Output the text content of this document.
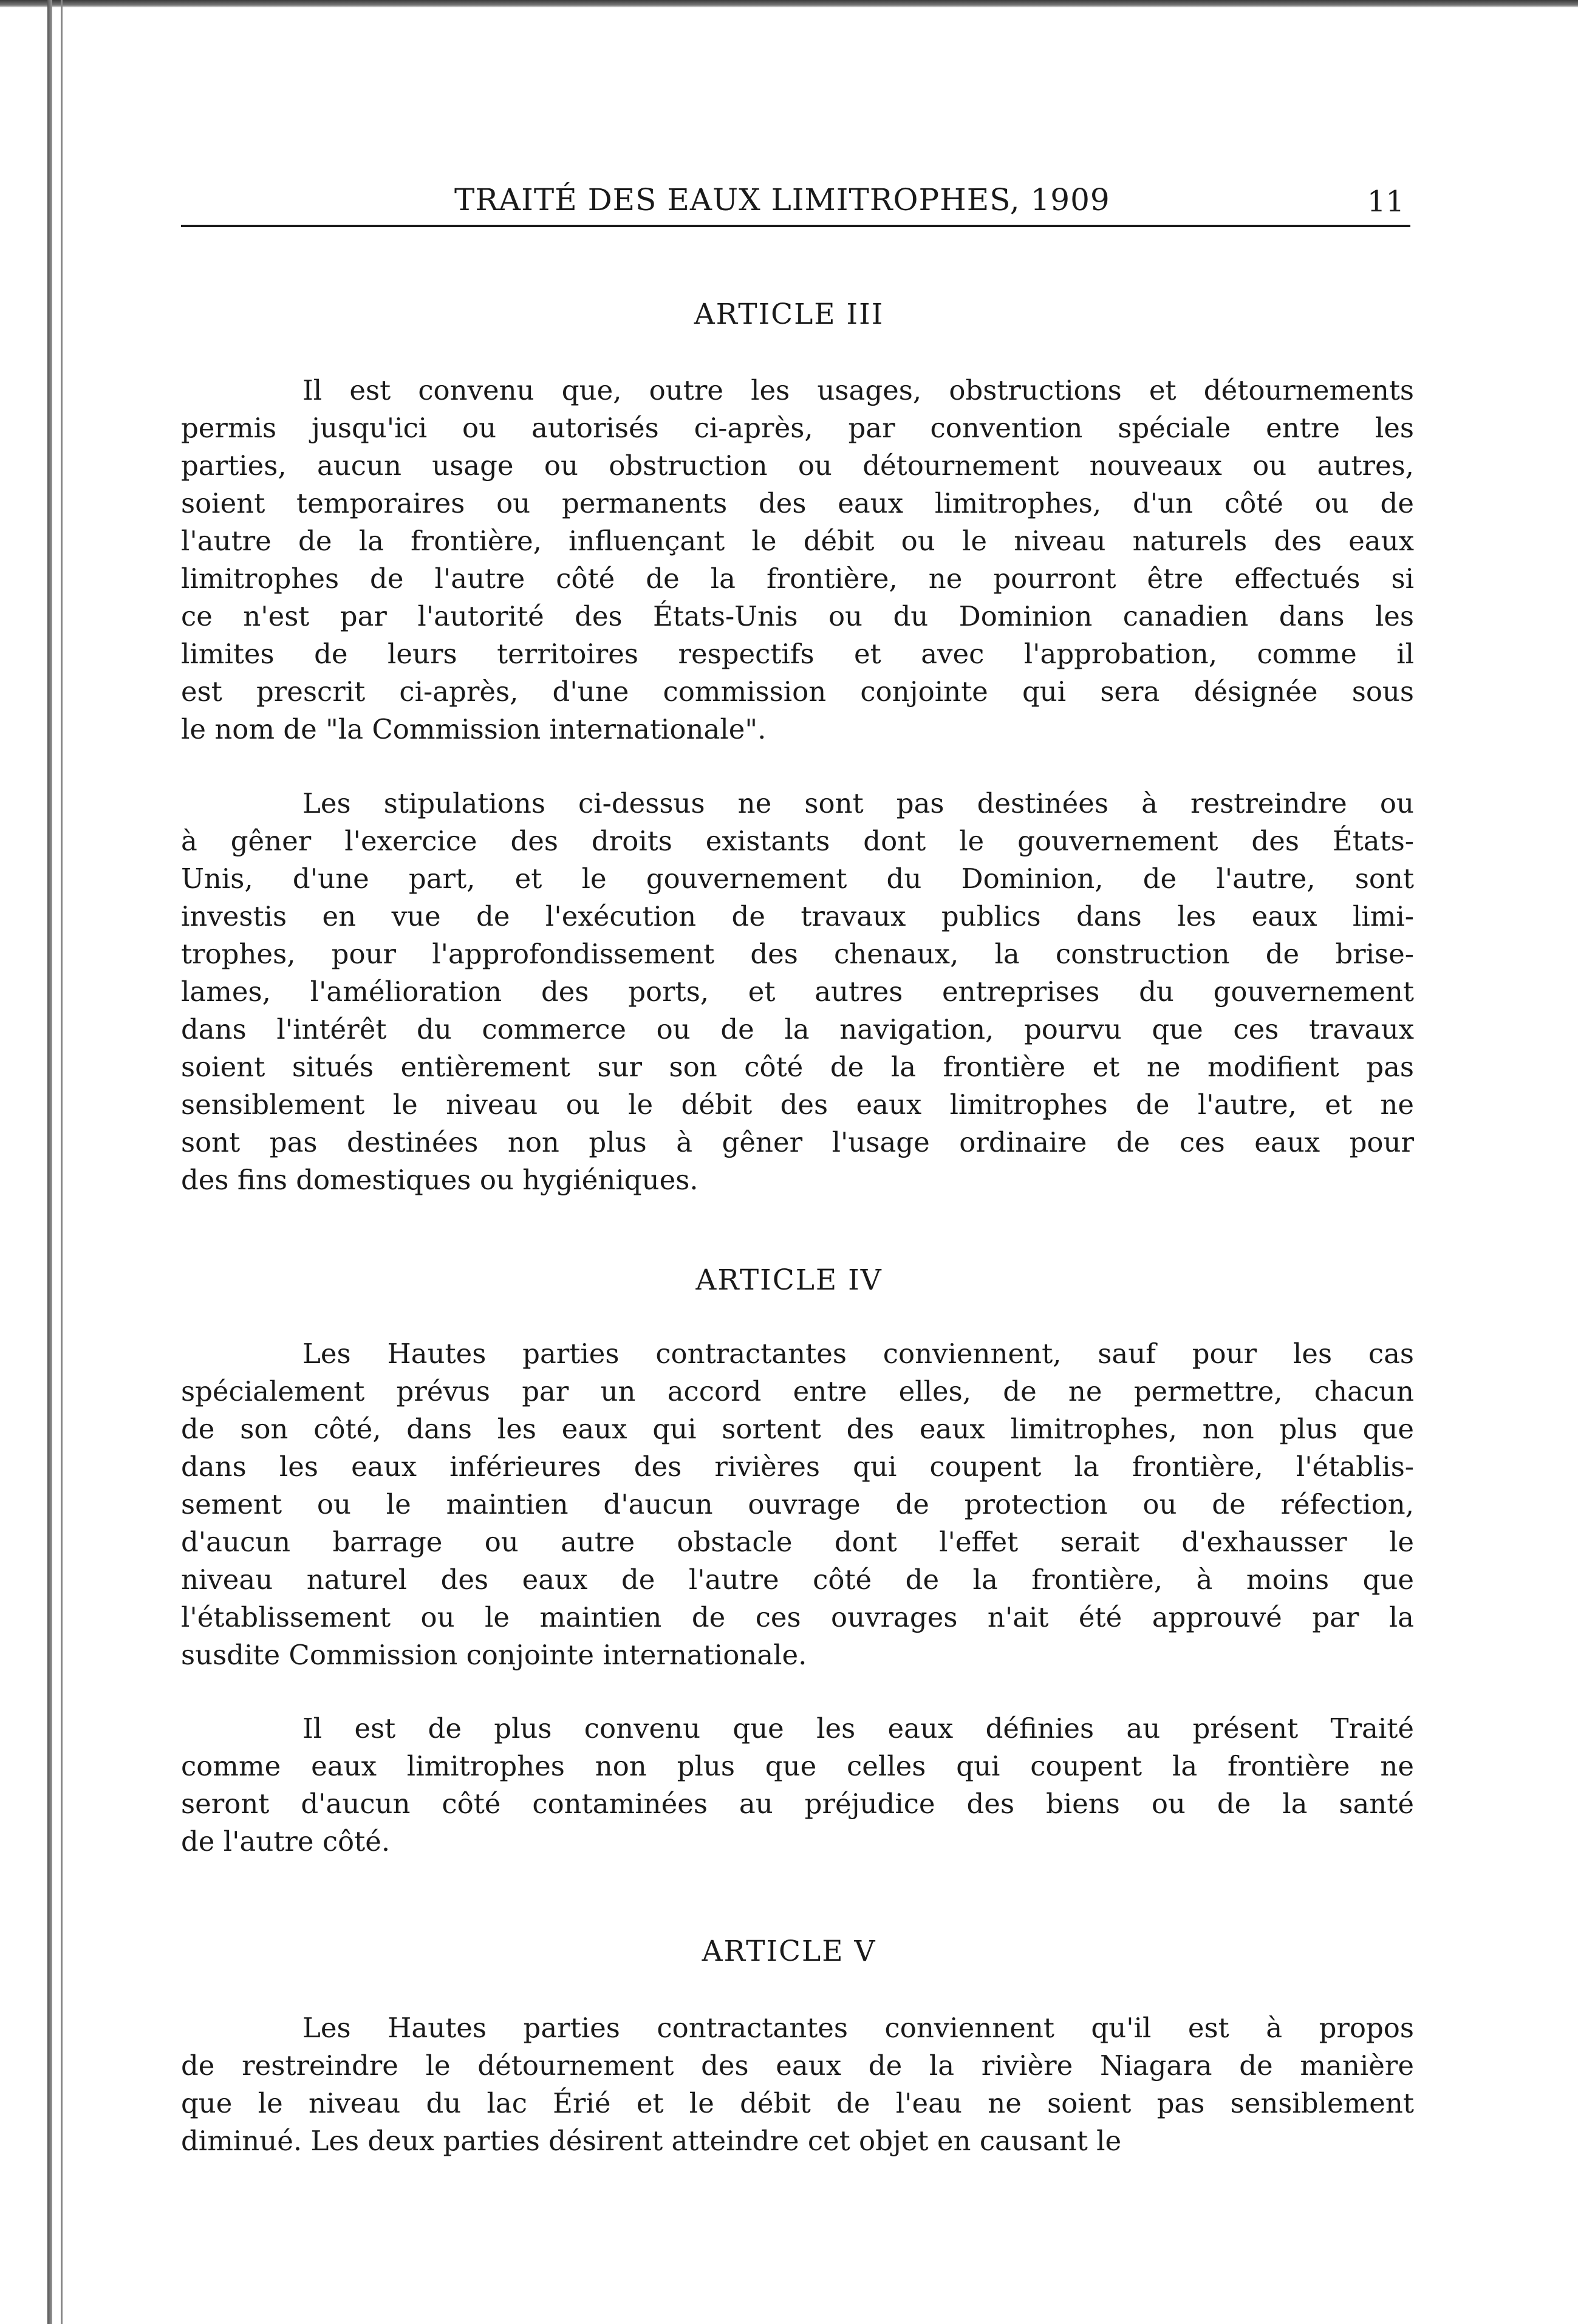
TRAITÉ DES EAUX LIMITROPHES, 1909	11
ARTICLE III
Il est convenu que, outre les usages, obstructions et détournements
permis jusqu'ici ou autorisés ci-après, par convention spéciale entre les
parties, aucun usage ou obstruction ou détournement nouveaux ou autres,
soient temporaires ou permanents des eaux limitrophes, d'un côté ou de
l'autre de la frontière, influençant le débit ou le niveau naturels des eaux
limitrophes de l'autre côté de la frontière, ne pourront être effectués si
ce n'est par l'autorité des États-Unis ou du Dominion canadien dans les
limites de leurs territoires respectifs et avec l'approbation, comme il
est prescrit ci-après, d'une commission conjointe qui sera désignée sous
le nom de "la Commission internationale".
Les stipulations ci-dessus ne sont pas destinées à restreindre ou
à gêner l'exercice des droits existants dont le gouvernement des États-
Unis, d'une part, et le gouvernement du Dominion, de l'autre, sont
investis en vue de l'exécution de travaux publics dans les eaux limi-
trophes, pour l'approfondissement des chenaux, la construction de brise-
lames, l'amélioration des ports, et autres entreprises du gouvernement
dans l'intérêt du commerce ou de la navigation, pourvu que ces travaux
soient situés entièrement sur son côté de la frontière et ne modifient pas
sensiblement le niveau ou le débit des eaux limitrophes de l'autre, et ne
sont pas destinées non plus à gêner l'usage ordinaire de ces eaux pour
des fins domestiques ou hygiéniques.
ARTICLE IV
Les Hautes parties contractantes conviennent, sauf pour les cas
spécialement prévus par un accord entre elles, de ne permettre, chacun
de son côté, dans les eaux qui sortent des eaux limitrophes, non plus que
dans les eaux inférieures des rivières qui coupent la frontière, l'établis-
sement ou le maintien d'aucun ouvrage de protection ou de réfection,
d'aucun barrage ou autre obstacle dont l'effet serait d'exhausser le
niveau naturel des eaux de l'autre côté de la frontière, à moins que
l'établissement ou le maintien de ces ouvrages n'ait été approuvé par la
susdite Commission conjointe internationale.
Il est de plus convenu que les eaux définies au présent Traité
comme eaux limitrophes non plus que celles qui coupent la frontière ne
seront d'aucun côté contaminées au préjudice des biens ou de la santé
de l'autre côté.
ARTICLE V
Les Hautes parties contractantes conviennent qu'il est à propos
de restreindre le détournement des eaux de la rivière Niagara de manière
que le niveau du lac Érié et le débit de l'eau ne soient pas sensiblement
diminué. Les deux parties désirent atteindre cet objet en causant le
